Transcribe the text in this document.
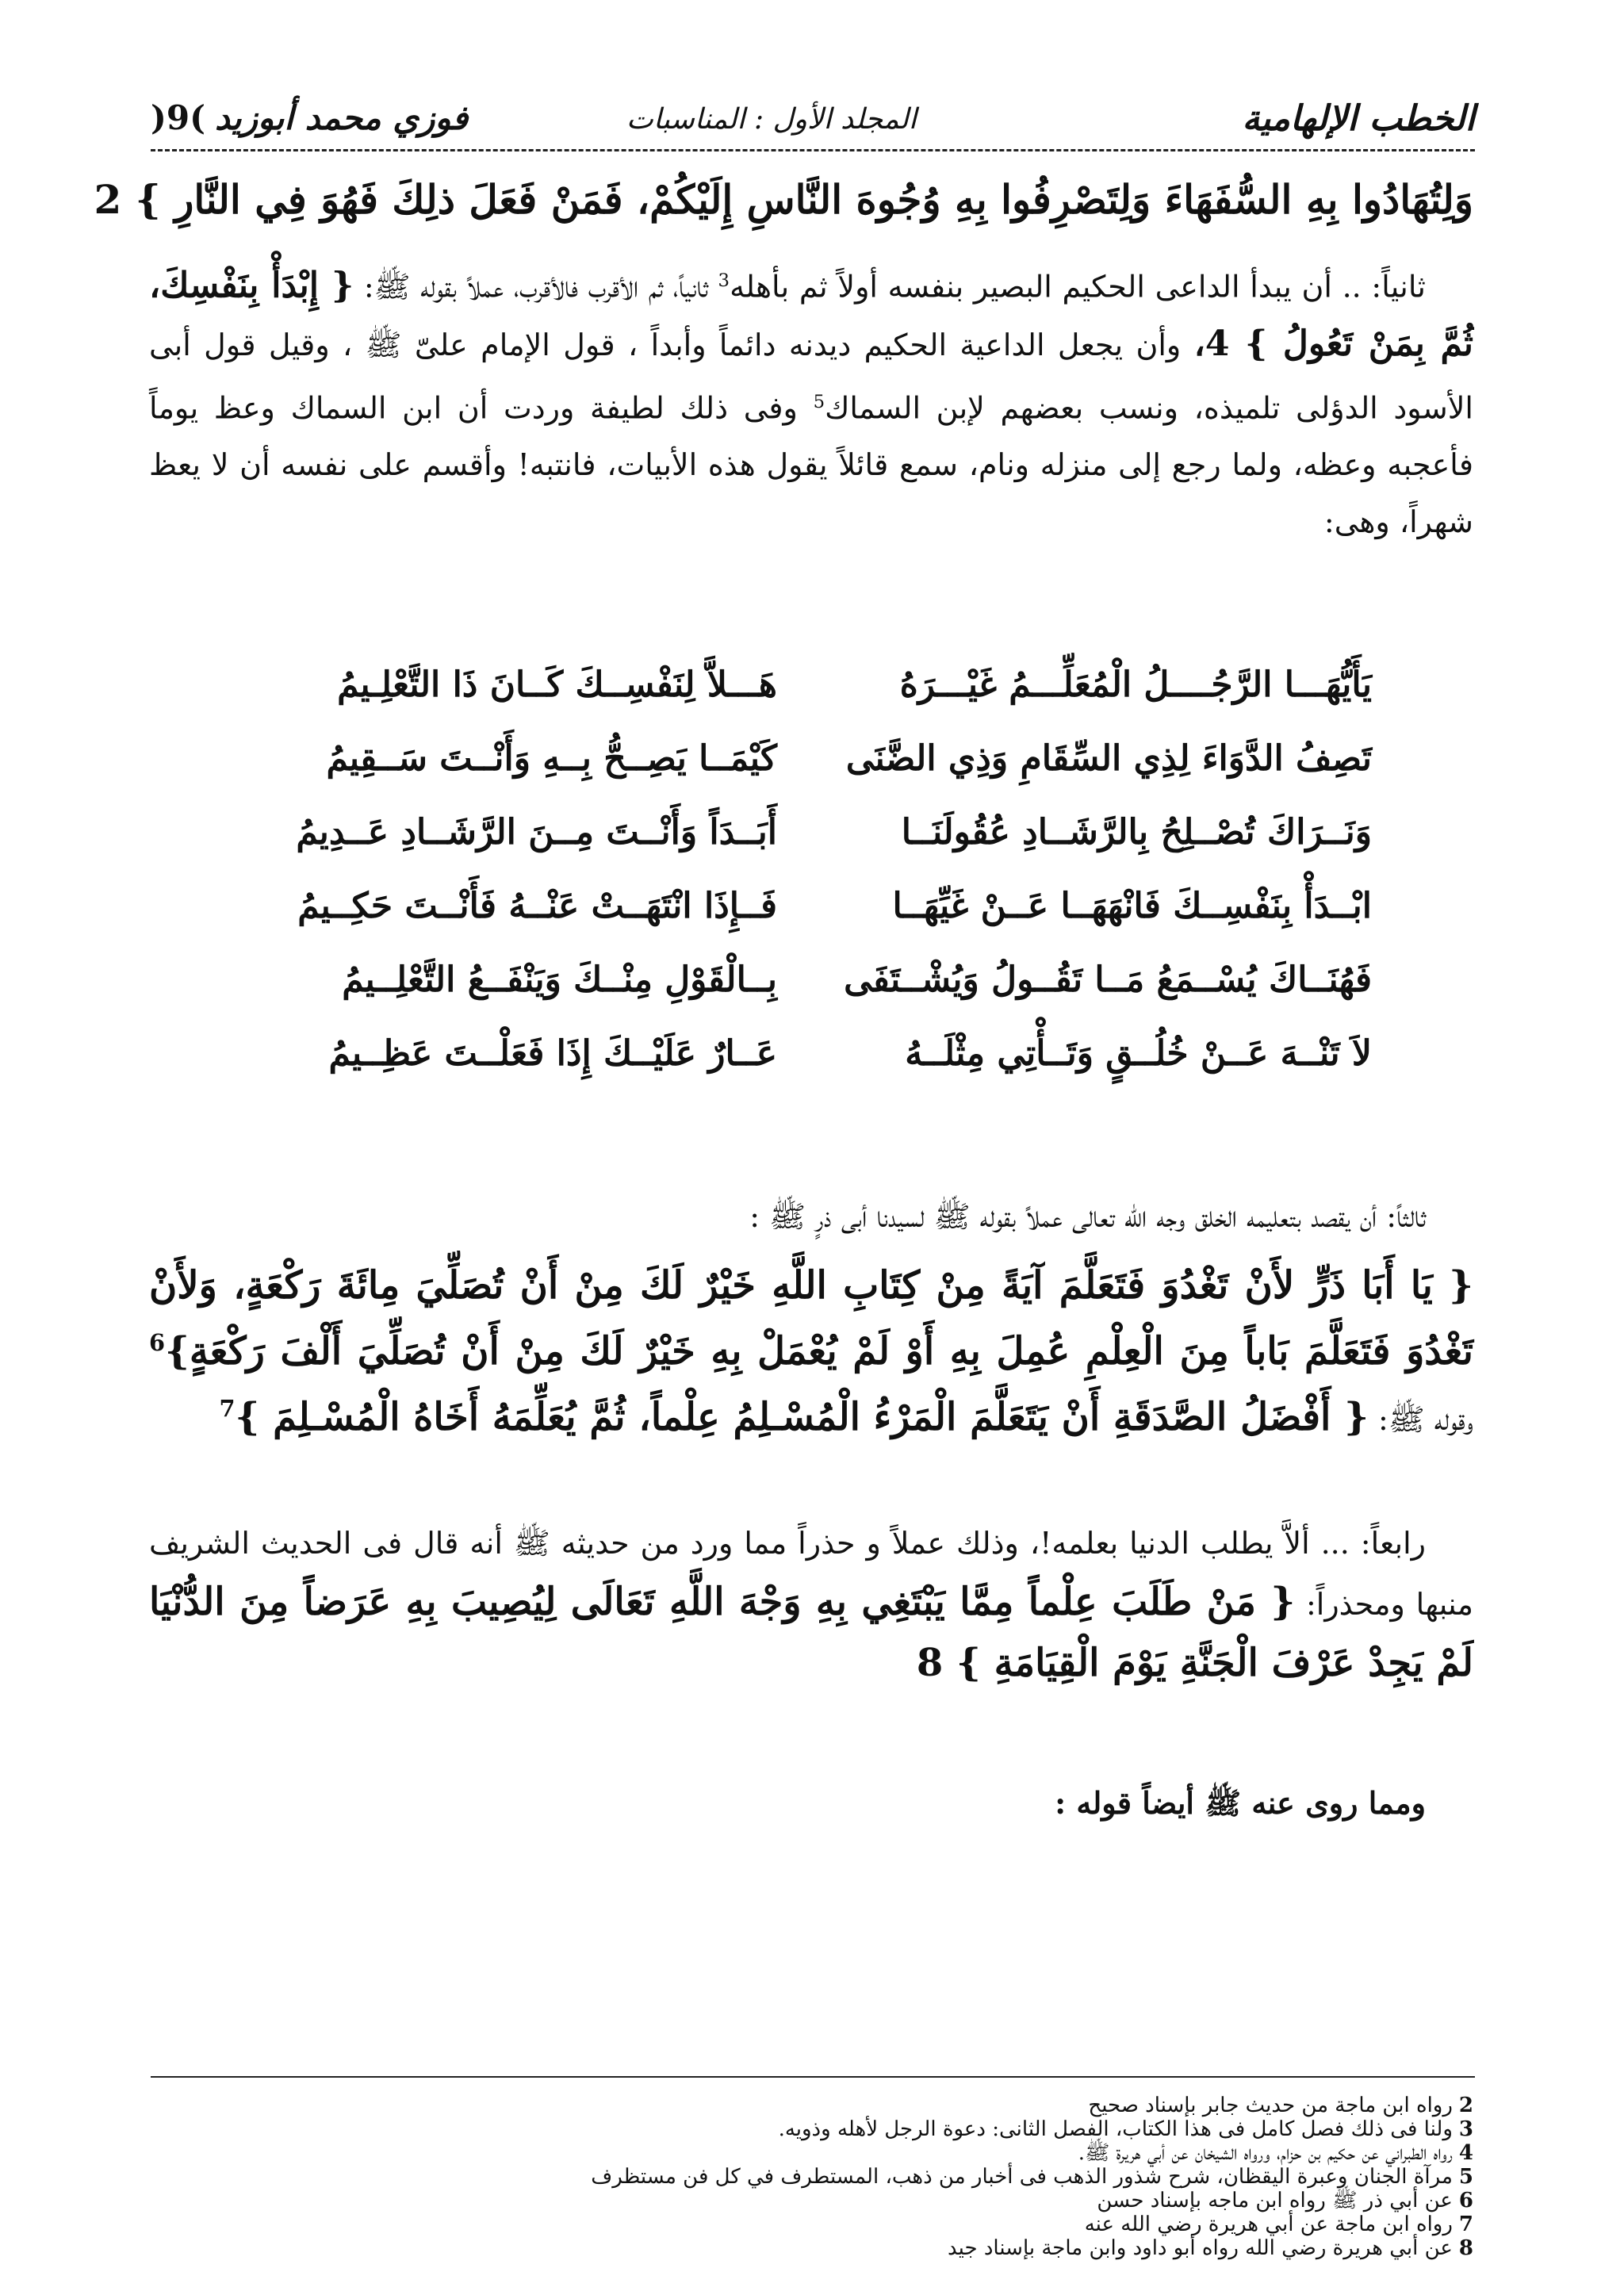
الخطب الإلهامية
المجلد الأول : المناسبات
فوزي محمد أبوزيد)9(
وَلِتُهَادُوا بِهِ السُّفَهَاءَ وَلِتَصْرِفُوا بِهِ وُجُوهَ النَّاسِ إِلَيْكُمْ، فَمَنْ فَعَلَ ذلِكَ فَهُوَ فِي النَّارِ } 2
ثانياً: .. أن يبدأ الداعى الحكيم البصير بنفسه أولاً ثم بأهله$^3$ ثانياً، ثم الأقرب فالأقرب، عملاً بقوله ﷺ: { إِبْدَأْ بِنَفْسِكَ، ثُمَّ بِمَنْ تَعُولُ } 4، وأن يجعل الداعية الحكيم ديدنه دائماً وأبداً ، قول الإمام علىّ ﷺ ، وقيل قول أبى الأسود الدؤلى تلميذه، ونسب بعضهم لإبن السماك$^5$ وفى ذلك لطيفة وردت أن ابن السماك وعظ يوماً فأعجبه وعظه، ولما رجع إلى منزله ونام، سمع قائلاً يقول هذه الأبيات، فانتبه! وأقسم على نفسه أن لا يعظ شهراً، وهى:
يَأَيُّهَـــا الرَّجُــــلُ الْمُعَلِّـــمُ غَيْـــرَهُ
هَـــلاَّ لِنَفْسِــكَ كَــانَ ذَا التَّعْلِـيمُ
تَصِفُ الدَّوَاءَ لِذِي السِّقَامِ وَذِي الضَّنَى
كَيْمَــا يَصِــحُّ بِــهِ وَأَنْــتَ سَــقِيمُ
وَنَــرَاكَ تُصْــلِحُ بِالرَّشَــادِ عُقُولَنَــا
أَبَــدَاً وَأَنْــتَ مِــنَ الرَّشَــادِ عَــدِيمُ
ابْــدَأْ بِنَفْسِــكَ فَانْهَهَــا عَــنْ غَيِّهَــا
فَــإِذَا انْتَهَــتْ عَنْــهُ فَأَنْــتَ حَكِــيمُ
فَهُنَــاكَ يُسْــمَعُ مَــا تَقُــولُ وَيُشْــتَفَى
بِــالْقَوْلِ مِنْــكَ وَيَنْفَــعُ التَّعْلِــيمُ
لاَ تَنْــهَ عَــنْ خُلُــقٍ وَتَــأْتِي مِثْلَــهُ
عَــارٌ عَلَيْــكَ إِذَا فَعَلْــتَ عَظِــيمُ
ثالثاً: أن يقصد بتعليمه الخلق وجه الله تعالى عملاً بقوله ﷺ لسيدنا أبى ذرٍ ﷺ :
{ يَا أَبَا ذَرٍّ لأَنْ تَغْدُوَ فَتَعَلَّمَ آيَةً مِنْ كِتَابِ اللَّهِ خَيْرٌ لَكَ مِنْ أَنْ تُصَلِّيَ مِائَةَ رَكْعَةٍ، وَلأَنْ تَغْدُوَ فَتَعَلَّمَ بَاباً مِنَ الْعِلْمِ عُمِلَ بِهِ أَوْ لَمْ يُعْمَلْ بِهِ خَيْرٌ لَكَ مِنْ أَنْ تُصَلِّيَ أَلْفَ رَكْعَةٍ}$^6$ وقوله ﷺ: { أَفْضَلُ الصَّدَقَةِ أَنْ يَتَعَلَّمَ الْمَرْءُ الْمُسْـلِمُ عِلْماً، ثُمَّ يُعَلِّمَهُ أَخَاهُ الْمُسْـلِمَ }$^7$
رابعاً: ... ألاَّ يطلب الدنيا بعلمه!، وذلك عملاً و حذراً مما ورد من حديثه ﷺ أنه قال فى الحديث الشريف منبها ومحذراً: { مَنْ طَلَبَ عِلْماً مِمَّا يَبْتَغِي بِهِ وَجْهَ اللَّهِ تَعَالَى لِيُصِيبَ بِهِ عَرَضاً مِنَ الدُّنْيَا لَمْ يَجِدْ عَرْفَ الْجَنَّةِ يَوْمَ الْقِيَامَةِ } 8
ومما روى عنه ﷺ أيضاً قوله :
2رواه ابن ماجة من حديث جابر بإسناد صحيح
3ولنا فى ذلك فصل كامل فى هذا الكتاب، الفصل الثانى: دعوة الرجل لأهله وذويه.
4رواه الطبراني عن حكيم بن حزام، ورواه الشيخان عن أبي هريرة ﷺ.
5مرآة الجنان وعبرة اليقظان، شرح شذور الذهب فى أخبار من ذهب، المستطرف في كل فن مستظرف
6عن أبي ذر ﷺ رواه ابن ماجه بإسناد حسن
7رواه ابن ماجة عن أبي هريرة رضي الله عنه
8عن أبي هريرة رضي الله رواه أبو داود وابن ماجة بإسناد جيد
